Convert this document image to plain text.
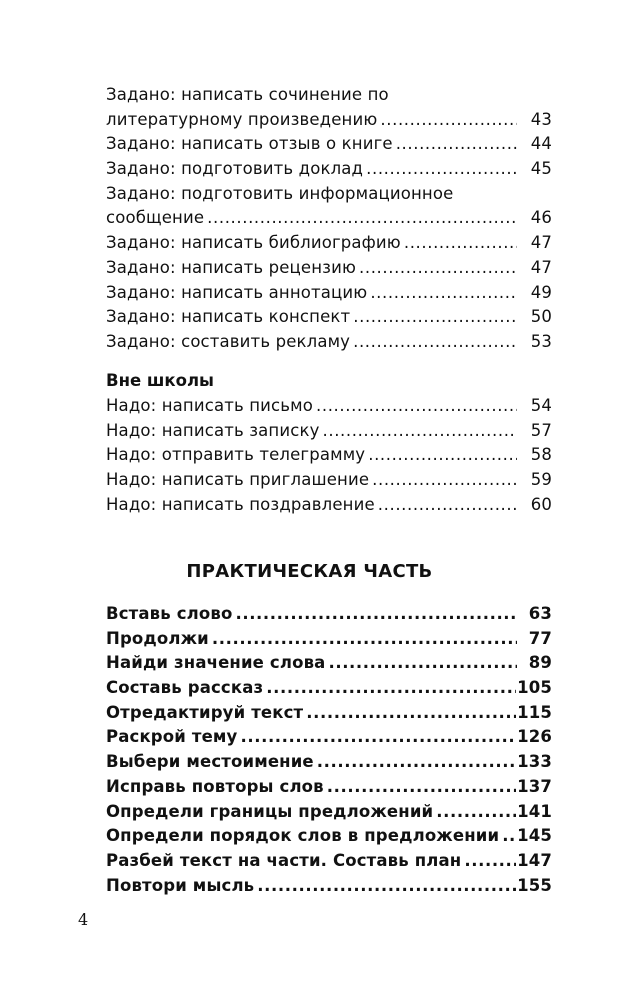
Задано: написать сочинение по
литературному произведению .....	43
Задано: написать отзыв о книге .....	44
Задано: подготовить доклад .....	45
Задано: подготовить информационное
сообщение .....	46
Задано: написать библиографию .....	47
Задано: написать рецензию .....	47
Задано: написать аннотацию .....	49
Задано: написать конспект .....	50
Задано: составить рекламу .....	53
Вне школы
Надо: написать письмо .....	54
Надо: написать записку .....	57
Надо: отправить телеграмму .....	58
Надо: написать приглашение .....	59
Надо: написать поздравление .....	60
ПРАКТИЧЕСКАЯ ЧАСТЬ
Вставь слово .....	63
Продолжи .....	77
Найди значение слова .....	89
Составь рассказ .....	105
Отредактируй текст .....	115
Раскрой тему .....	126
Выбери местоимение .....	133
Исправь повторы слов .....	137
Определи границы предложений .....	141
Определи порядок слов в предложении ..... 145
Разбей текст на части. Составь план .....	147
Повтори мысль .....	155
4
